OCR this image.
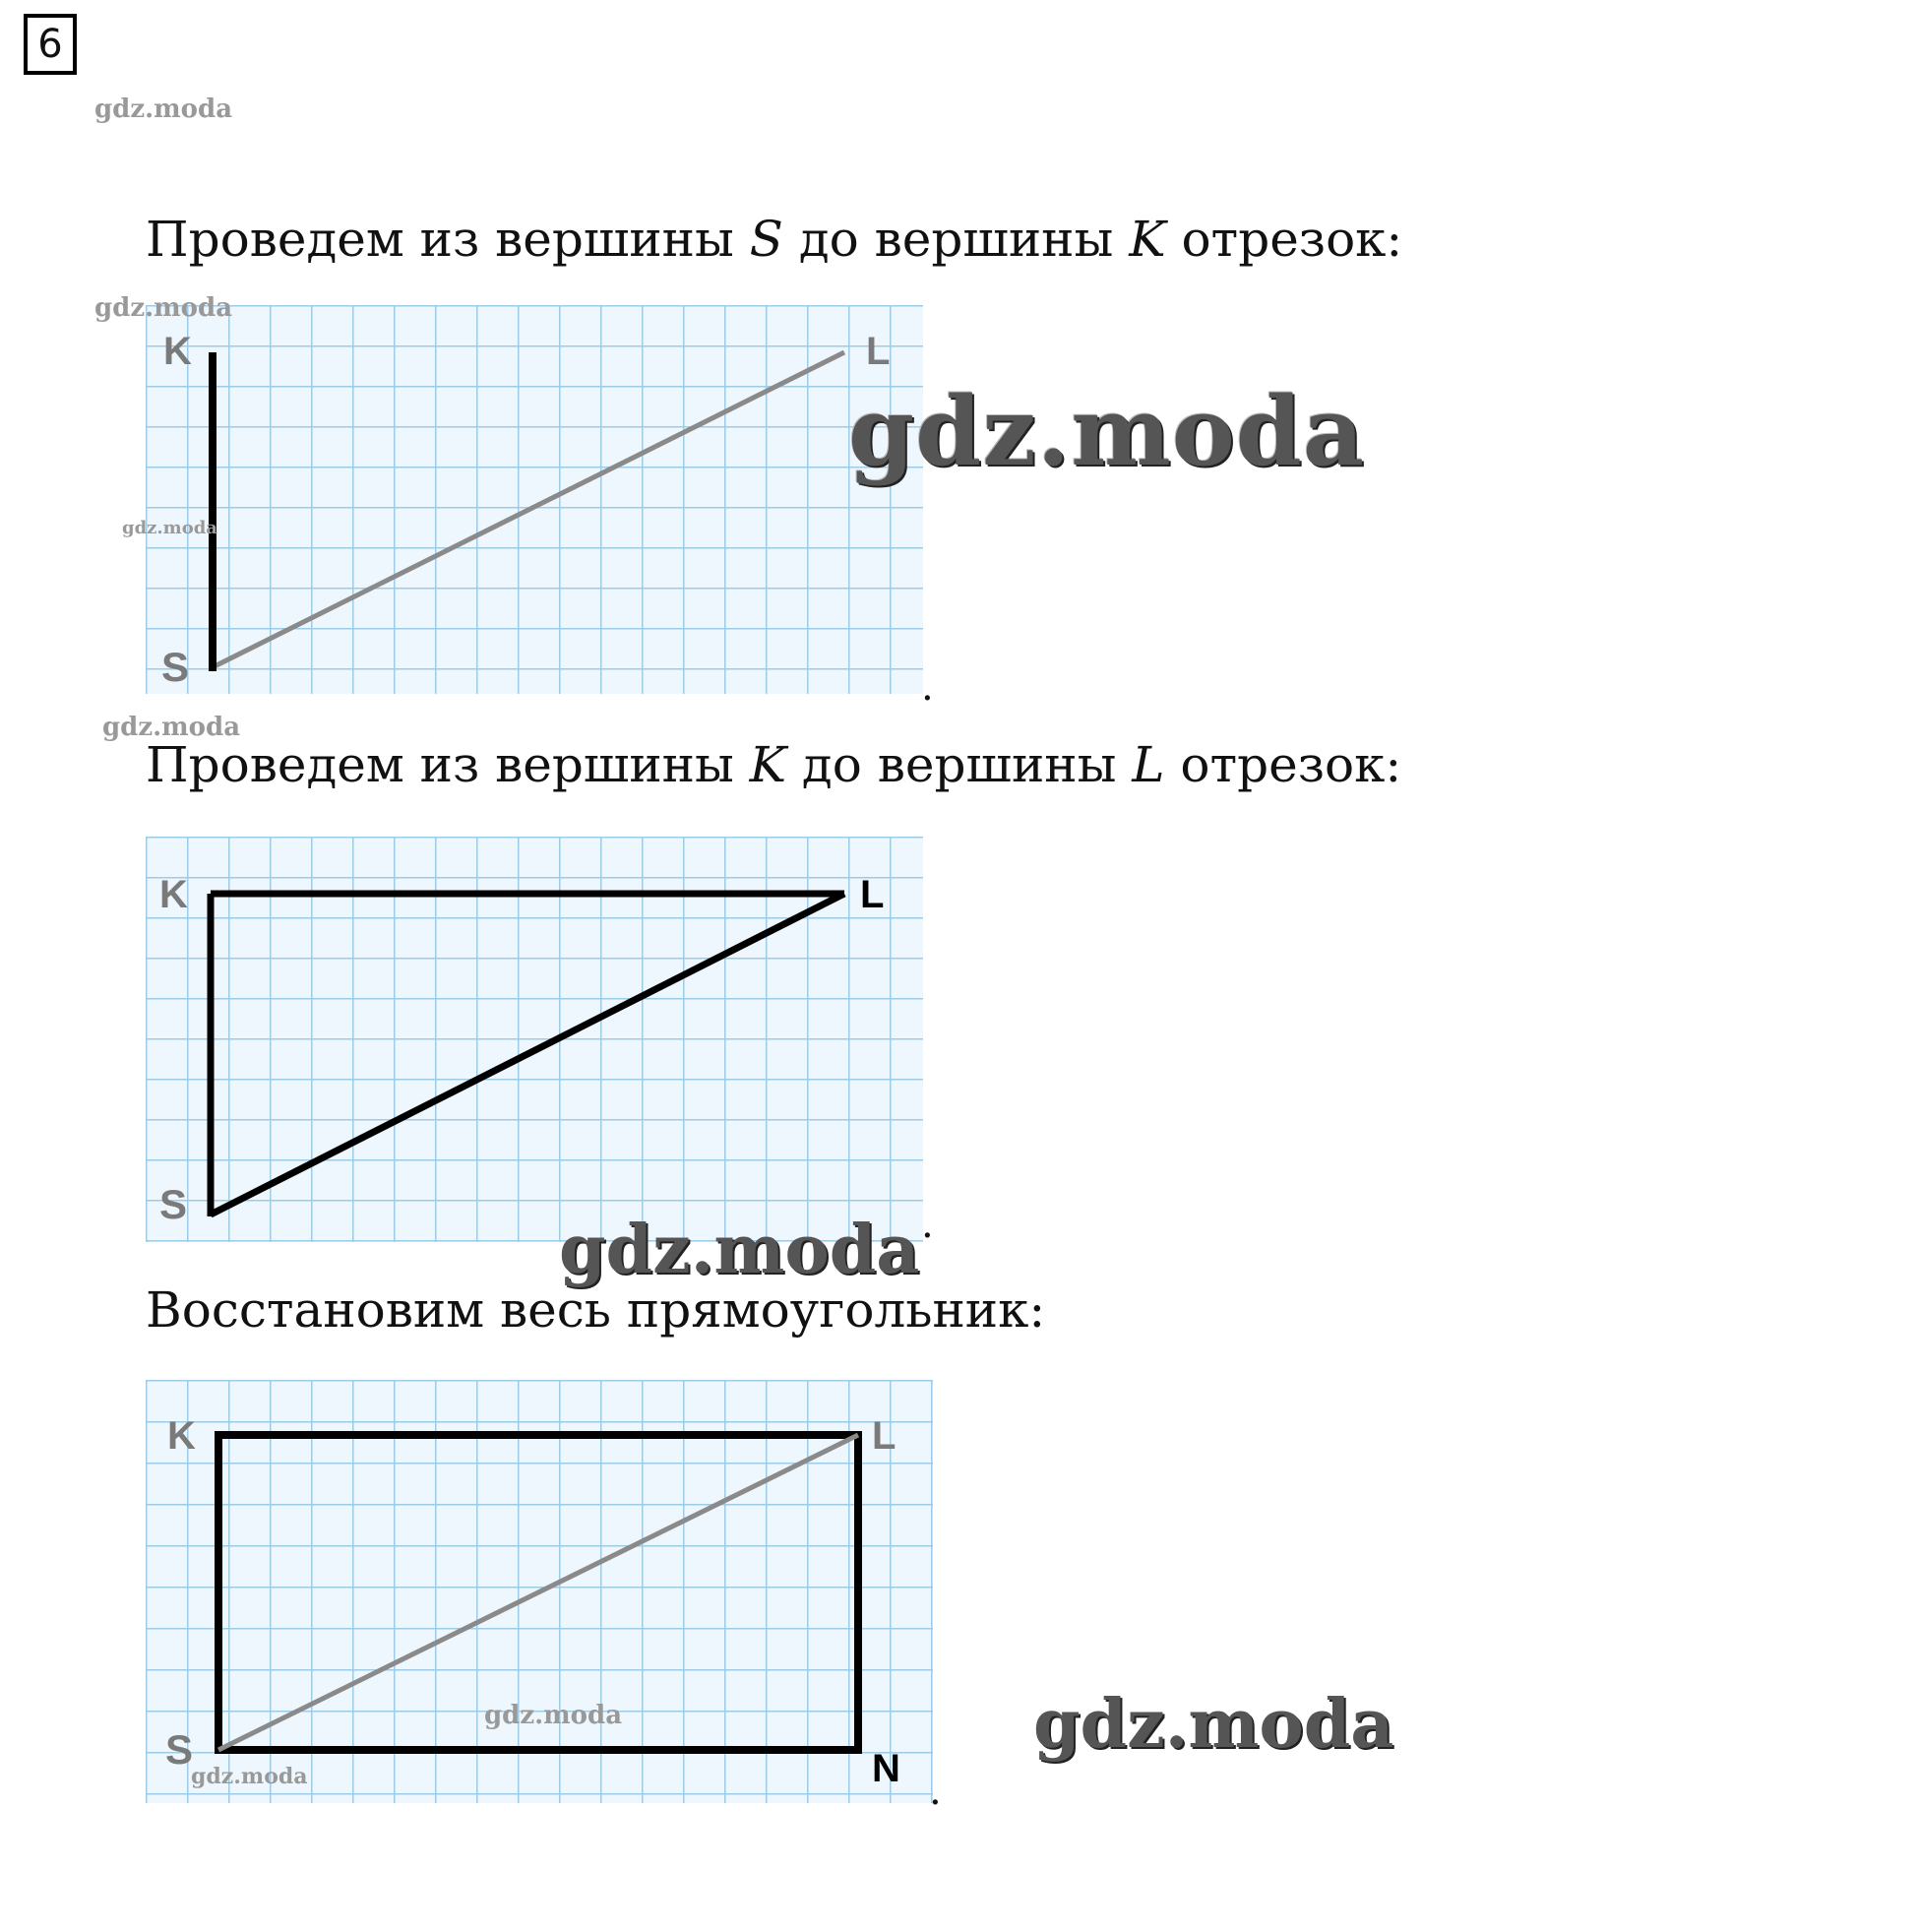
6
gdz.moda
Проведем из вершины S до вершины K отрезок:
K	L
S	.
gdz.moda
gdz.moda
gdz.moda
gdz.moda
Проведем из вершины K до вершины L отрезок:
K	L
S	.
gdz.moda
Восстановим весь прямоугольник:
K	L
S	N .
gdz.moda
gdz.moda
gdz.moda
